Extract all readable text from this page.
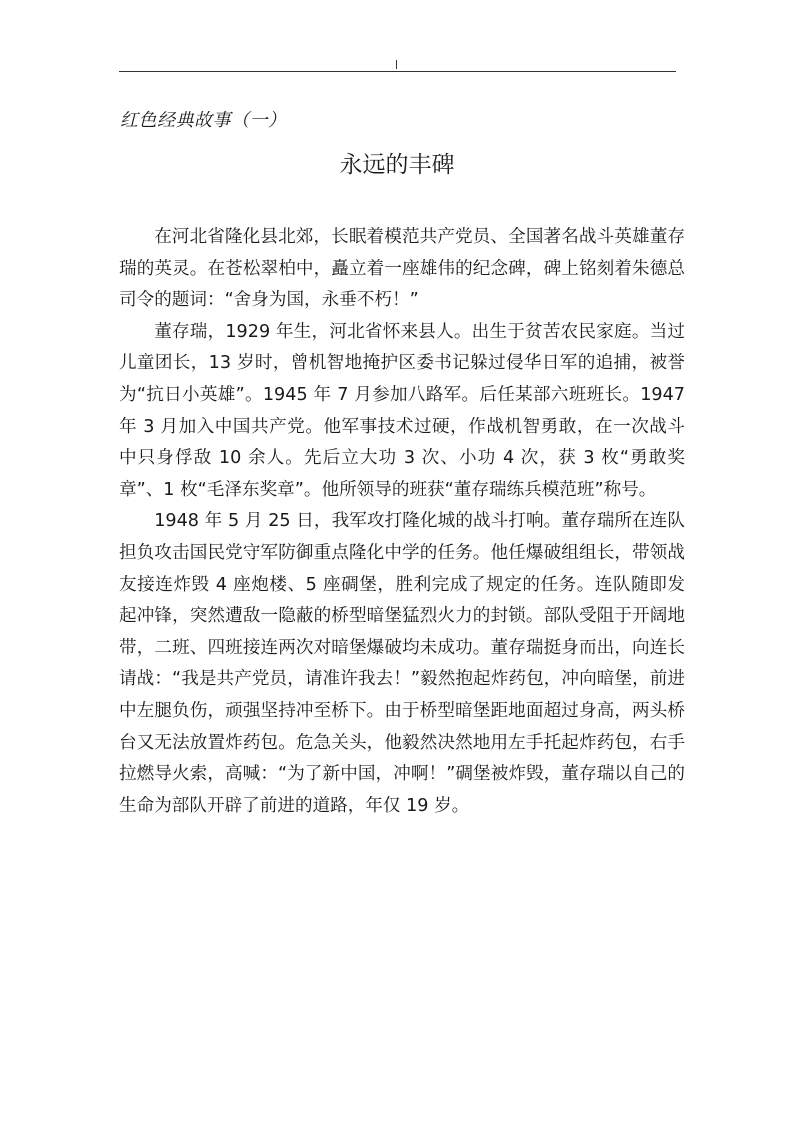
红色经典故事（一）
永远的丰碑

在河北省隆化县北郊，长眠着模范共产党员、全国著名战斗英雄董存瑞的英灵。在苍松翠柏中，矗立着一座雄伟的纪念碑，碑上铭刻着朱德总司令的题词：“舍身为国，永垂不朽！”

董存瑞，1929 年生，河北省怀来县人。出生于贫苦农民家庭。当过儿童团长，13 岁时，曾机智地掩护区委书记躲过侵华日军的追捕，被誉为“抗日小英雄”。1945 年 7 月参加八路军。后任某部六班班长。1947 年 3 月加入中国共产党。他军事技术过硬，作战机智勇敢，在一次战斗中只身俘敌 10 余人。先后立大功 3 次、小功 4 次，获 3 枚“勇敢奖章”、1 枚“毛泽东奖章”。他所领导的班获“董存瑞练兵模范班”称号。

1948 年 5 月 25 日，我军攻打隆化城的战斗打响。董存瑞所在连队担负攻击国民党守军防御重点隆化中学的任务。他任爆破组组长，带领战友接连炸毁 4 座炮楼、5 座碉堡，胜利完成了规定的任务。连队随即发起冲锋，突然遭敌一隐蔽的桥型暗堡猛烈火力的封锁。部队受阻于开阔地带，二班、四班接连两次对暗堡爆破均未成功。董存瑞挺身而出，向连长请战：“我是共产党员，请准许我去！”毅然抱起炸药包，冲向暗堡，前进中左腿负伤，顽强坚持冲至桥下。由于桥型暗堡距地面超过身高，两头桥台又无法放置炸药包。危急关头，他毅然决然地用左手托起炸药包，右手拉燃导火索，高喊：“为了新中国，冲啊！”碉堡被炸毁，董存瑞以自己的生命为部队开辟了前进的道路，年仅 19 岁。
